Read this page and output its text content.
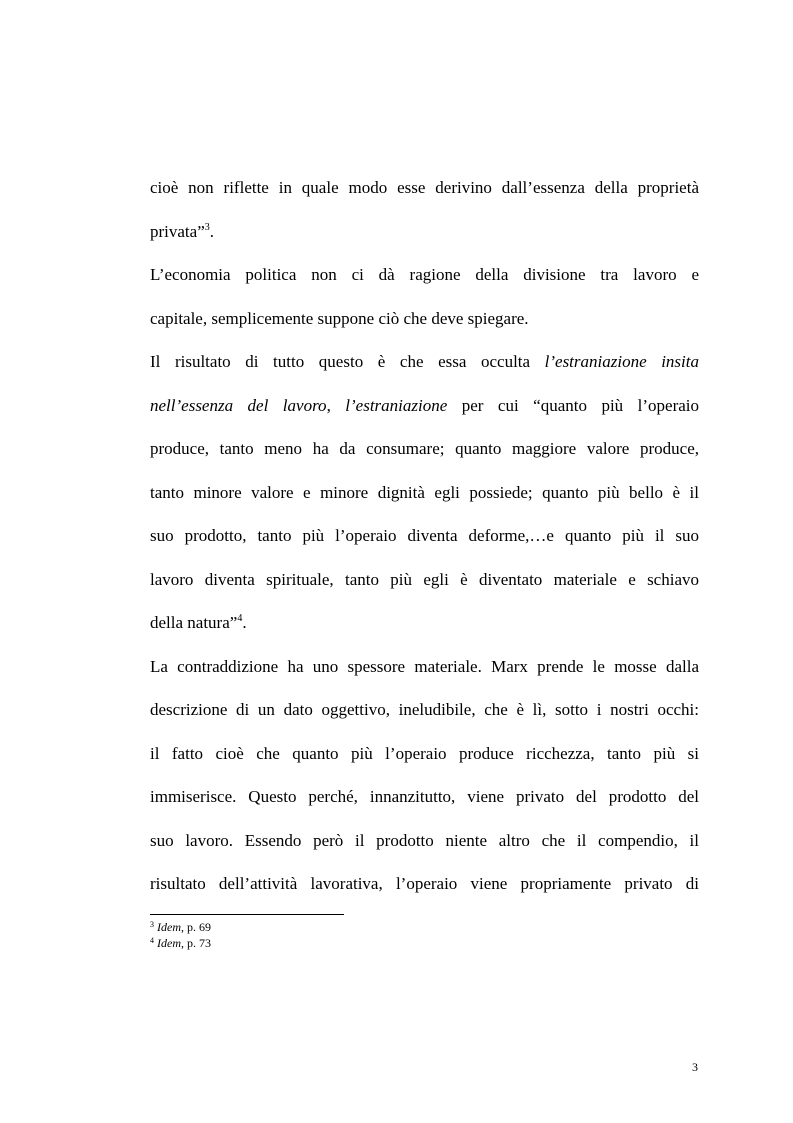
cioè non riflette in quale modo esse derivino dall’essenza della proprietà
privata”$^3$.
L’economia politica non ci dà ragione della divisione tra lavoro e
capitale, semplicemente suppone ciò che deve spiegare.
Il risultato di tutto questo è che essa occulta l’estraniazione insita
nell’essenza del lavoro, l’estraniazione per cui “quanto più l’operaio
produce, tanto meno ha da consumare; quanto maggiore valore produce,
tanto minore valore e minore dignità egli possiede; quanto più bello è il
suo prodotto, tanto più l’operaio diventa deforme,…e quanto più il suo
lavoro diventa spirituale, tanto più egli è diventato materiale e schiavo
della natura”$^4$.
La contraddizione ha uno spessore materiale. Marx prende le mosse dalla
descrizione di un dato oggettivo, ineludibile, che è lì, sotto i nostri occhi:
il fatto cioè che quanto più l’operaio produce ricchezza, tanto più si
immiserisce. Questo perché, innanzitutto, viene privato del prodotto del
suo lavoro. Essendo però il prodotto niente altro che il compendio, il
risultato dell’attività lavorativa, l’operaio viene propriamente privato di
$^3$ Idem, p. 69
$^4$ Idem, p. 73
3
